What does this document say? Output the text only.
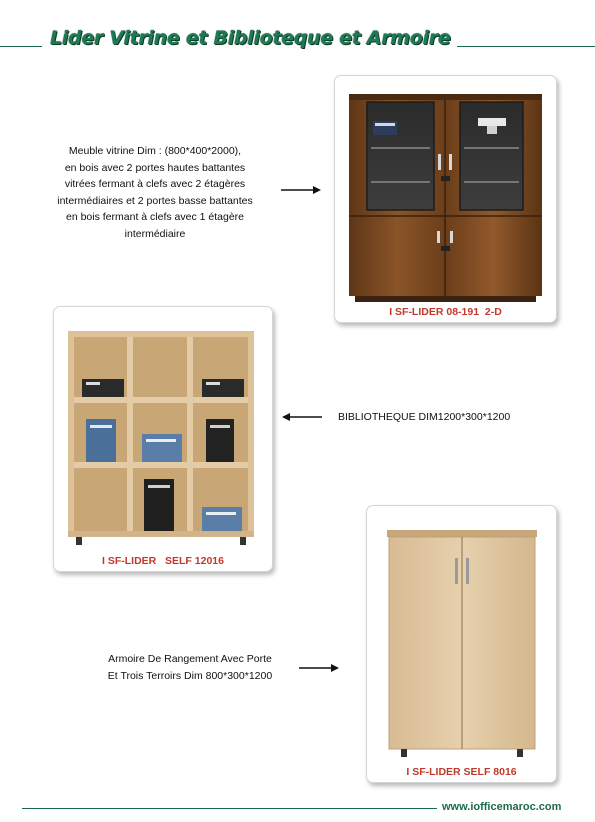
Lider Vitrine et Biblioteque et Armoire
Meuble vitrine Dim : (800*400*2000),
en bois avec 2 portes hautes battantes
vitrées fermant à clefs avec 2 étagères
intermédiaires et 2 portes basse battantes
en bois fermant à clefs avec 1 étagère
intermédiaire
I SF-LIDER 08-191  2-D
I SF-LIDER   SELF 12016
BIBLIOTHEQUE DIM1200*300*1200
Armoire De Rangement Avec Porte
Et Trois Terroirs Dim 800*300*1200
I SF-LIDER SELF 8016
www.iofficemaroc.com
